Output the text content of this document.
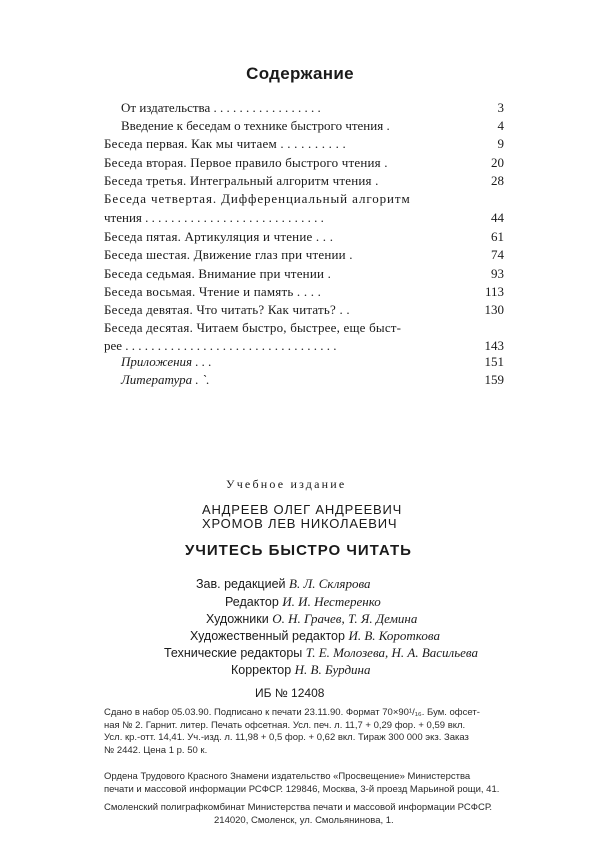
Содержание
От издательства . . . . . . . . . . . . . . . . .	3
Введение к беседам о технике быстрого чтения .	4
Беседа первая. Как мы читаем . . . . . . . . . .	9
Беседа вторая. Первое правило быстрого чтения .	20
Беседа третья. Интегральный алгоритм чтения .	28
Беседа четвертая. Дифференциальный алгоритм
чтения . . . . . . . . . . . . . . . . . . . . . . . . . . . .	44
Беседа пятая. Артикуляция и чтение . . .	61
Беседа шестая. Движение глаз при чтении .	74
Беседа седьмая. Внимание при чтении .	93
Беседа восьмая. Чтение и память . . . .	113
Беседа девятая. Что читать? Как читать? . .	130
Беседа десятая. Читаем быстро, быстрее, еще быст-
рее . . . . . . . . . . . . . . . . . . . . . . . . . . . . . . . . .	143
Приложения . . .	151
Литература . `.	159
Учебное издание
АНДРЕЕВ ОЛЕГ АНДРЕЕВИЧ
ХРОМОВ ЛЕВ НИКОЛАЕВИЧ
УЧИТЕСЬ БЫСТРО ЧИТАТЬ
Зав. редакцией В. Л. Склярова
Редактор И. И. Нестеренко
Художники О. Н. Грачев, Т. Я. Демина
Художественный редактор И. В. Короткова
Технические редакторы Т. Е. Молозева, Н. А. Васильева
Корректор Н. В. Бурдина
ИБ № 12408
Сдано в набор 05.03.90. Подписано к печати 23.11.90. Формат 70×90¹/₁₆. Бум. офсет-
ная № 2. Гарнит. литер. Печать офсетная. Усл. печ. л. 11,7 + 0,29 фор. + 0,59 вкл.
Усл. кр.-отт. 14,41. Уч.-изд. л. 11,98 + 0,5 фор. + 0,62 вкл. Тираж 300 000 экз. Заказ
№ 2442. Цена 1 р. 50 к.
Ордена Трудового Красного Знамени издательство «Просвещение» Министерства
печати и массовой информации РСФСР. 129846, Москва, 3-й проезд Марьиной рощи, 41.
Смоленский полиграфкомбинат Министерства печати и массовой информации РСФСР.
214020, Смоленск, ул. Смольянинова, 1.
